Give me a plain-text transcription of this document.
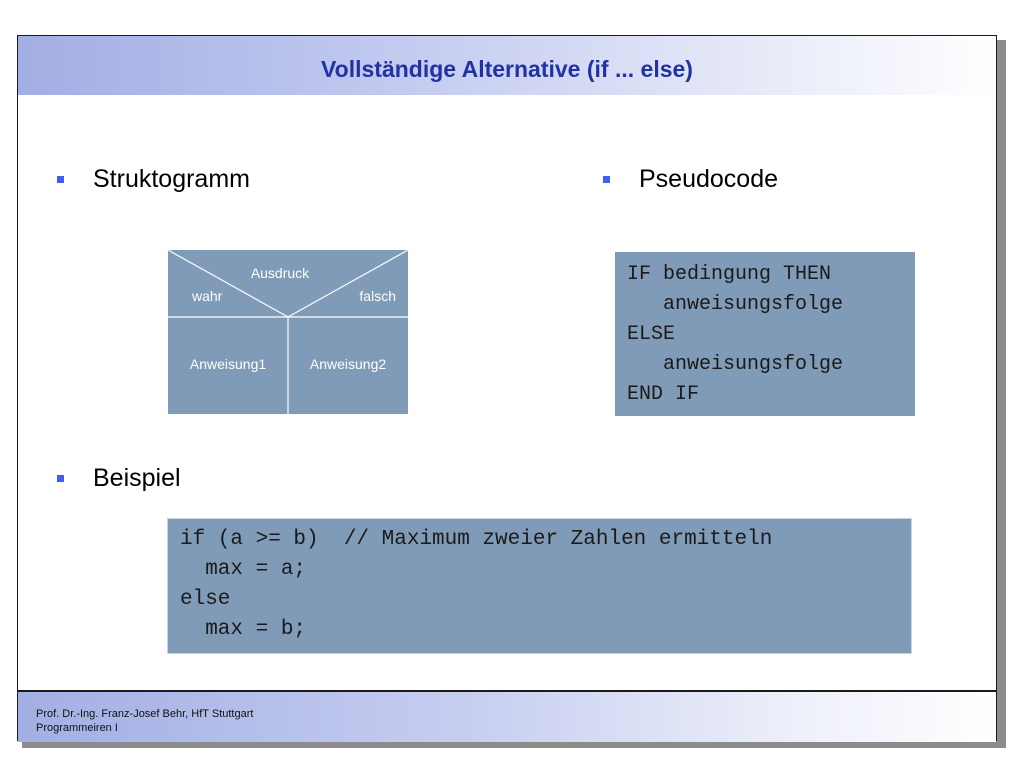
Vollständige Alternative (if ... else)
Struktogramm	Pseudocode
Ausdruck
wahr	falsch
Anweisung1	Anweisung2
IF bedingung THEN
anweisungsfolge
ELSE
anweisungsfolge
END IF
Beispiel
if (a >= b)  // Maximum zweier Zahlen ermitteln
max = a;
else
max = b;
Prof. Dr.-Ing. Franz-Josef Behr, HfT Stuttgart
Programmeiren I
